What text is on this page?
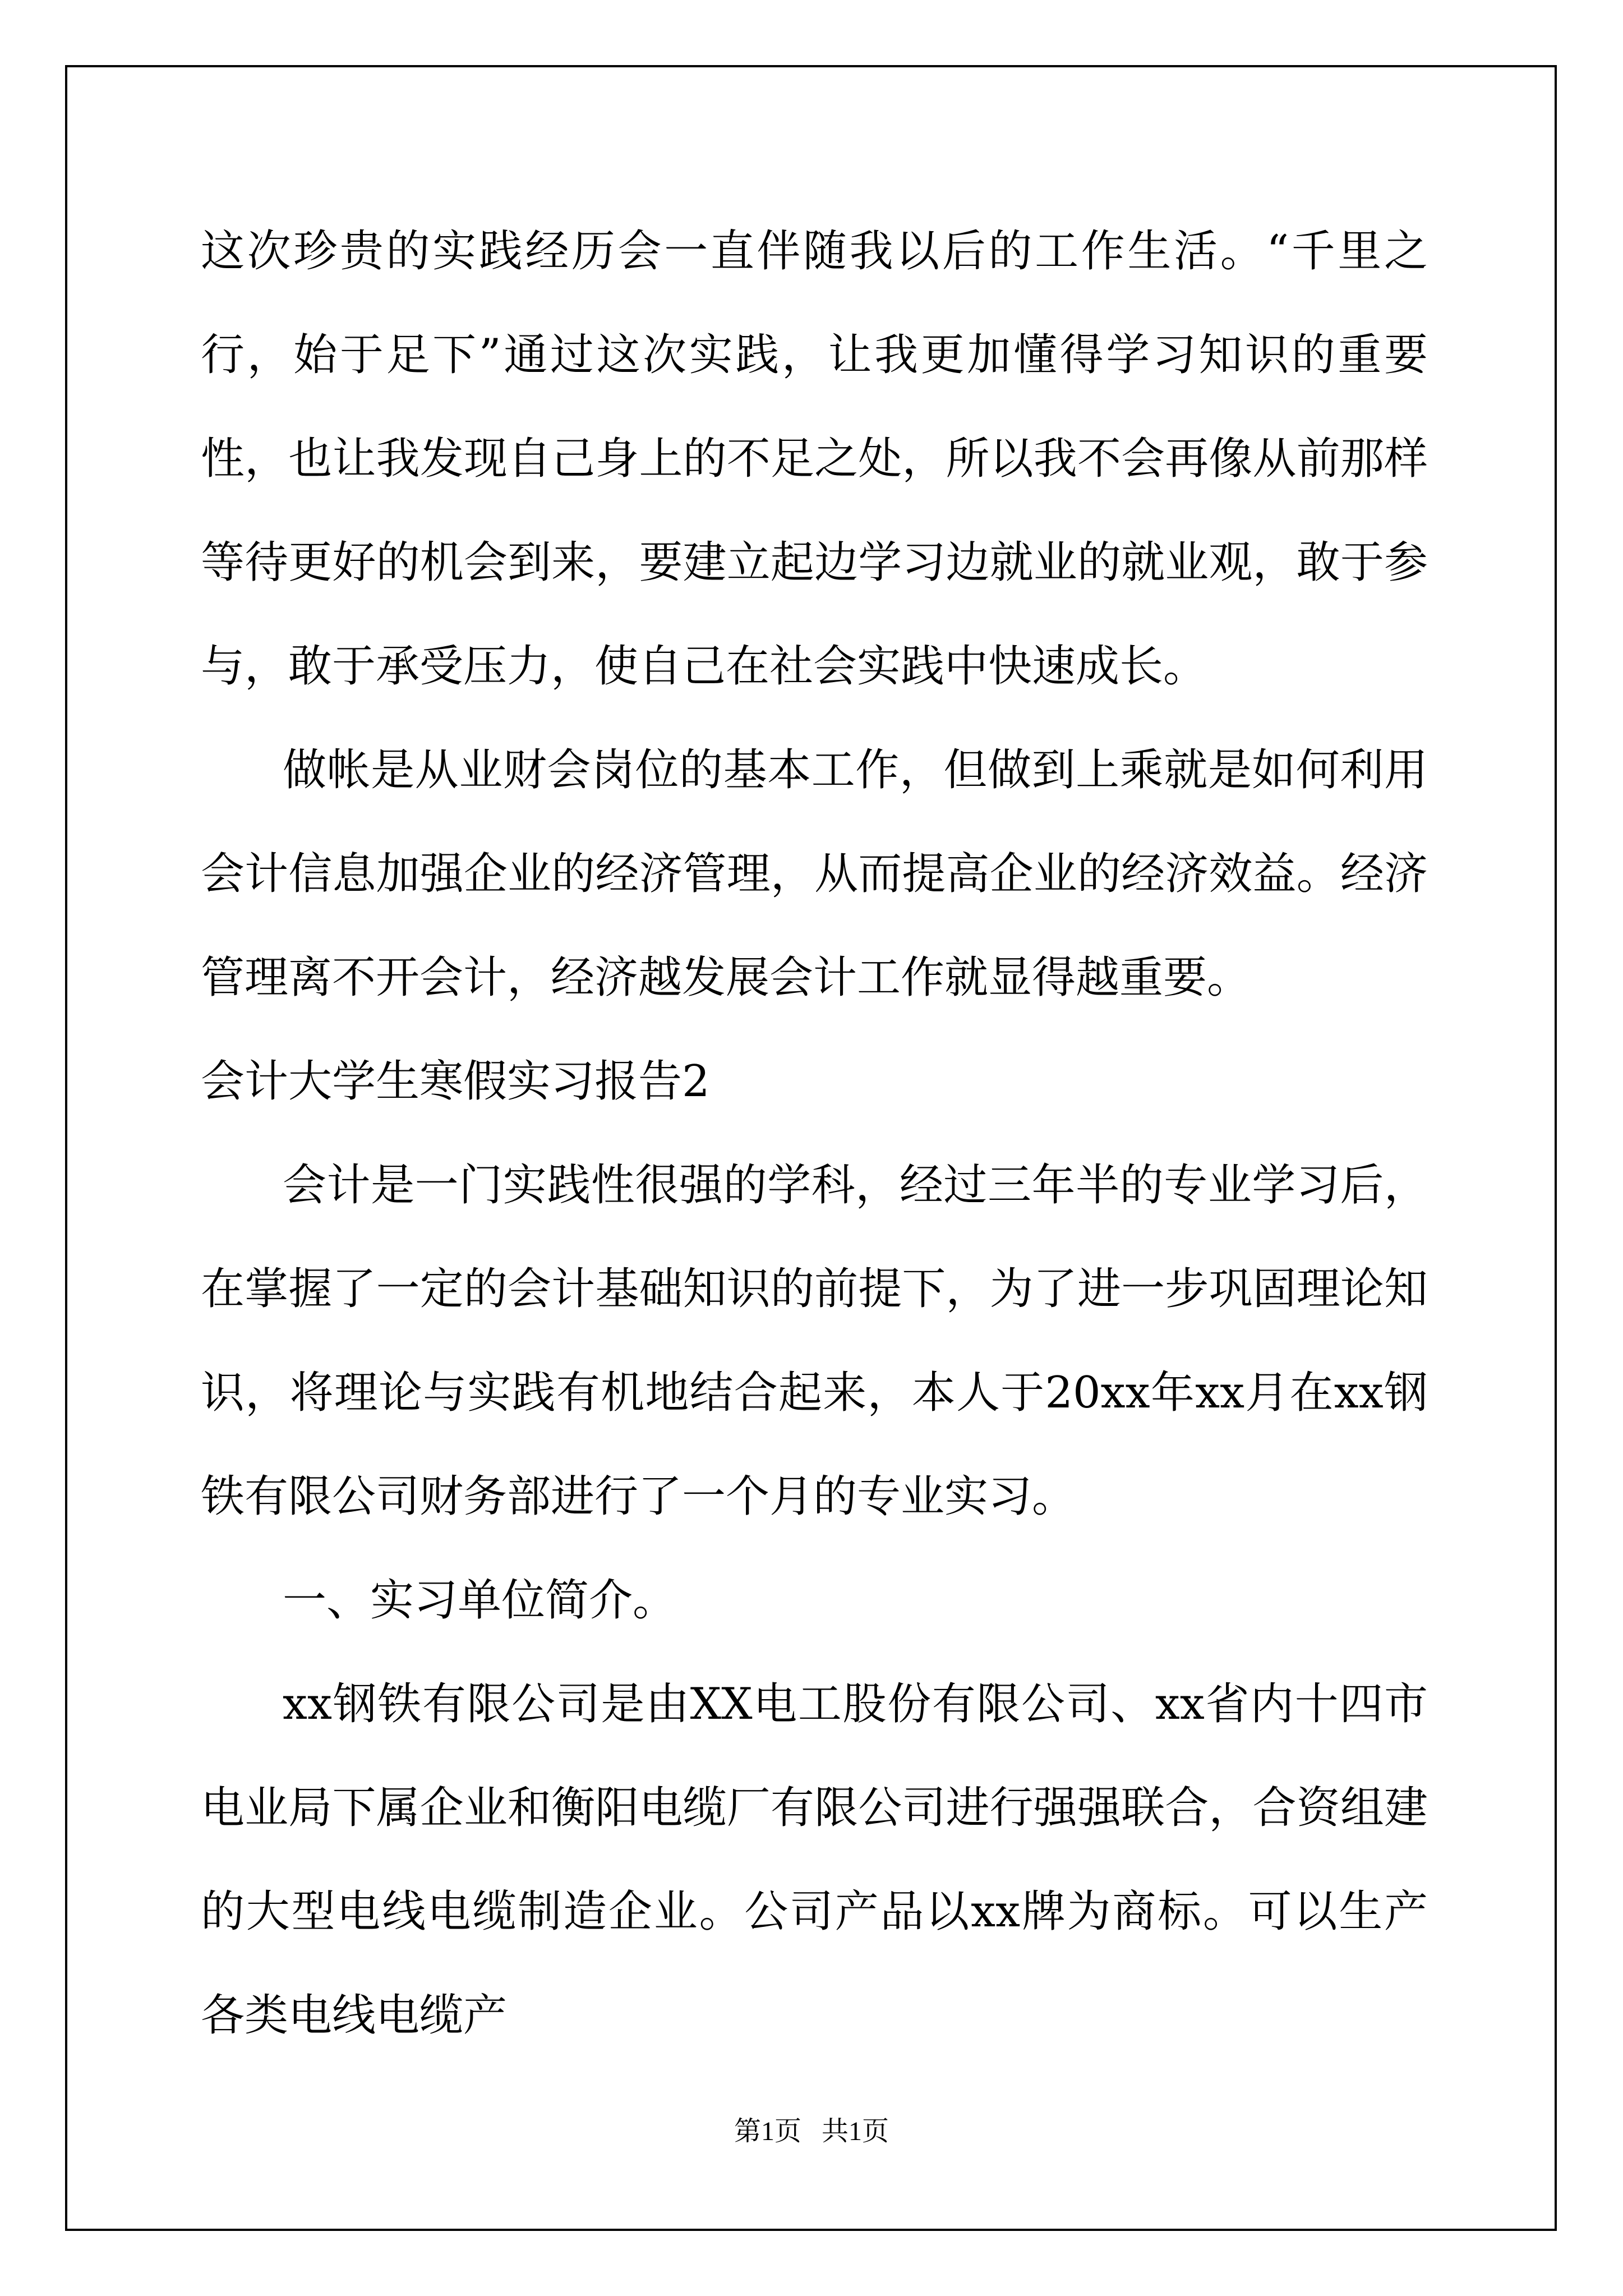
这次珍贵的实践经历会一直伴随我以后的工作生活。“千里之行，始于足下”通过这次实践，让我更加懂得学习知识的重要性，也让我发现自己身上的不足之处，所以我不会再像从前那样等待更好的机会到来，要建立起边学习边就业的就业观，敢于参与，敢于承受压力，使自己在社会实践中快速成长。

做帐是从业财会岗位的基本工作，但做到上乘就是如何利用会计信息加强企业的经济管理，从而提高企业的经济效益。经济管理离不开会计，经济越发展会计工作就显得越重要。

会计大学生寒假实习报告2

会计是一门实践性很强的学科，经过三年半的专业学习后，在掌握了一定的会计基础知识的前提下，为了进一步巩固理论知识，将理论与实践有机地结合起来，本人于20xx年xx月在xx钢铁有限公司财务部进行了一个月的专业实习。

一、实习单位简介。

xx钢铁有限公司是由XX电工股份有限公司、xx省内十四市电业局下属企业和衡阳电缆厂有限公司进行强强联合，合资组建的大型电线电缆制造企业。公司产品以xx牌为商标。可以生产各类电线电缆产

第1页 共1页
